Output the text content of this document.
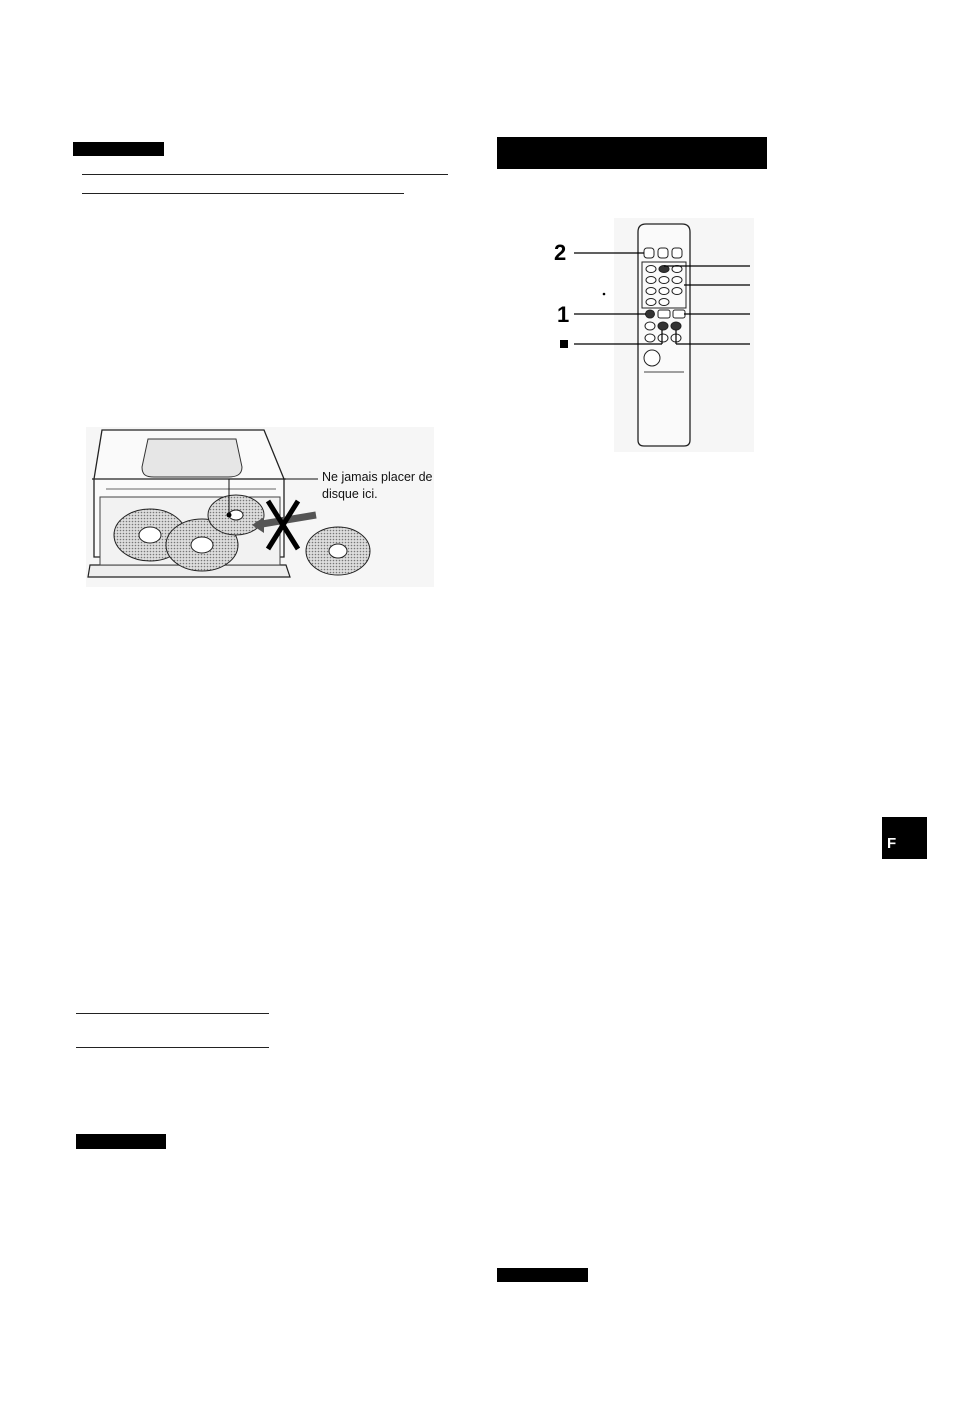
Ne jamais placer de
disque ici.
2
1
F
